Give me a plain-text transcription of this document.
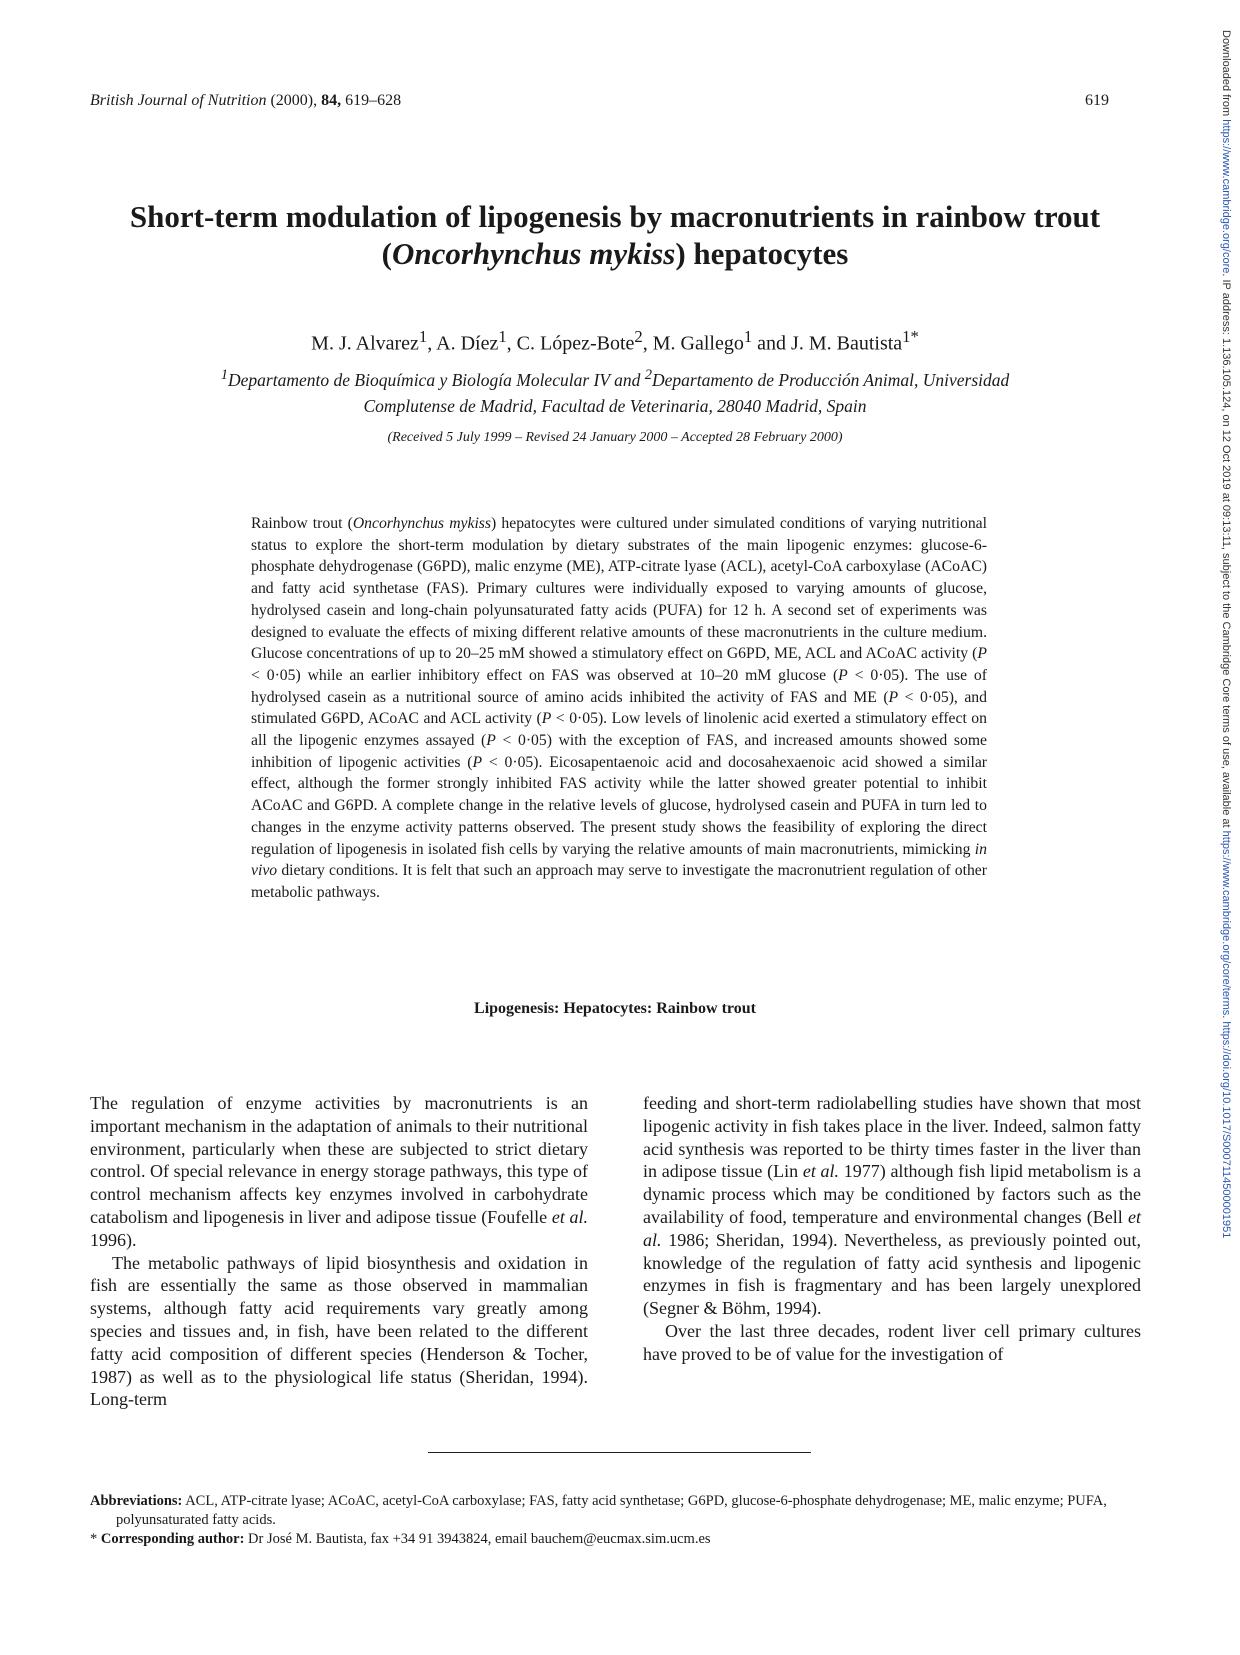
British Journal of Nutrition (2000), 84, 619–628	619
Short-term modulation of lipogenesis by macronutrients in rainbow trout
(Oncorhynchus mykiss) hepatocytes
M. J. Alvarez$^1$, A. Díez$^1$, C. López-Bote$^2$, M. Gallego$^1$ and J. M. Bautista$^{1*}$
$^1$Departamento de Bioquímica y Biología Molecular IV and $^2$Departamento de Producción Animal, Universidad
Complutense de Madrid, Facultad de Veterinaria, 28040 Madrid, Spain
(Received 5 July 1999 – Revised 24 January 2000 – Accepted 28 February 2000)
Rainbow trout (Oncorhynchus mykiss) hepatocytes were cultured under simulated conditions of varying nutritional status to explore the short-term modulation by dietary substrates of the main lipogenic enzymes: glucose-6-phosphate dehydrogenase (G6PD), malic enzyme (ME), ATP-citrate lyase (ACL), acetyl-CoA carboxylase (ACoAC) and fatty acid synthetase (FAS). Primary cultures were individually exposed to varying amounts of glucose, hydrolysed casein and long-chain polyunsaturated fatty acids (PUFA) for 12 h. A second set of experiments was designed to evaluate the effects of mixing different relative amounts of these macronutrients in the culture medium. Glucose concentrations of up to 20–25 mM showed a stimulatory effect on G6PD, ME, ACL and ACoAC activity (P < 0·05) while an earlier inhibitory effect on FAS was observed at 10–20 mM glucose (P < 0·05). The use of hydrolysed casein as a nutritional source of amino acids inhibited the activity of FAS and ME (P < 0·05), and stimulated G6PD, ACoAC and ACL activity (P < 0·05). Low levels of linolenic acid exerted a stimulatory effect on all the lipogenic enzymes assayed (P < 0·05) with the exception of FAS, and increased amounts showed some inhibition of lipogenic activities (P < 0·05). Eicosapentaenoic acid and docosahexaenoic acid showed a similar effect, although the former strongly inhibited FAS activity while the latter showed greater potential to inhibit ACoAC and G6PD. A complete change in the relative levels of glucose, hydrolysed casein and PUFA in turn led to changes in the enzyme activity patterns observed. The present study shows the feasibility of exploring the direct regulation of lipogenesis in isolated fish cells by varying the relative amounts of main macronutrients, mimicking in vivo dietary conditions. It is felt that such an approach may serve to investigate the macronutrient regulation of other metabolic pathways.
Lipogenesis: Hepatocytes: Rainbow trout

The regulation of enzyme activities by macronutrients is an important mechanism in the adaptation of animals to their nutritional environment, particularly when these are subjected to strict dietary control. Of special relevance in energy storage pathways, this type of control mechanism affects key enzymes involved in carbohydrate catabolism and lipogenesis in liver and adipose tissue (Foufelle et al. 1996).

The metabolic pathways of lipid biosynthesis and oxidation in fish are essentially the same as those observed in mammalian systems, although fatty acid requirements vary greatly among species and tissues and, in fish, have been related to the different fatty acid composition of different species (Henderson & Tocher, 1987) as well as to the physiological life status (Sheridan, 1994). Long-term

feeding and short-term radiolabelling studies have shown that most lipogenic activity in fish takes place in the liver. Indeed, salmon fatty acid synthesis was reported to be thirty times faster in the liver than in adipose tissue (Lin et al. 1977) although fish lipid metabolism is a dynamic process which may be conditioned by factors such as the availability of food, temperature and environmental changes (Bell et al. 1986; Sheridan, 1994). Nevertheless, as previously pointed out, knowledge of the regulation of fatty acid synthesis and lipogenic enzymes in fish is fragmentary and has been largely unexplored (Segner & Böhm, 1994).

Over the last three decades, rodent liver cell primary cultures have proved to be of value for the investigation of

Abbreviations: ACL, ATP-citrate lyase; ACoAC, acetyl-CoA carboxylase; FAS, fatty acid synthetase; G6PD, glucose-6-phosphate dehydrogenase; ME, malic enzyme; PUFA, polyunsaturated fatty acids.

* Corresponding author: Dr José M. Bautista, fax +34 91 3943824, email bauchem@eucmax.sim.ucm.es

Downloaded from https://www.cambridge.org/core. IP address: 1.136.105.124, on 12 Oct 2019 at 09:13:11, subject to the Cambridge Core terms of use, available at https://www.cambridge.org/core/terms. https://doi.org/10.1017/S0007114500001951
